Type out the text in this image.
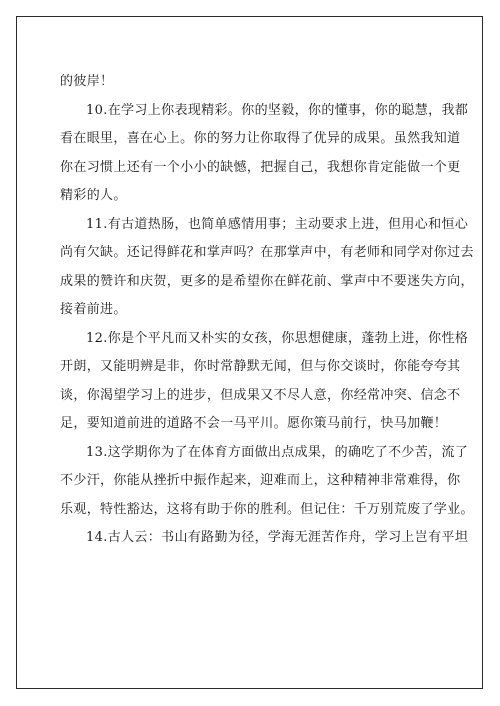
的彼岸！
10.在学习上你表现精彩。你的坚毅，你的懂事，你的聪慧，我都
看在眼里，喜在心上。你的努力让你取得了优异的成果。虽然我知道
你在习惯上还有一个小小的缺憾，把握自己，我想你肯定能做一个更
精彩的人。
11.有古道热肠，也简单感情用事；主动要求上进，但用心和恒心
尚有欠缺。还记得鲜花和掌声吗？在那掌声中，有老师和同学对你过去
成果的赞许和庆贺，更多的是希望你在鲜花前、掌声中不要迷失方向，
接着前进。
12.你是个平凡而又朴实的女孩，你思想健康，蓬勃上进，你性格
开朗，又能明辨是非，你时常静默无闻，但与你交谈时，你能夸夸其
谈，你渴望学习上的进步，但成果又不尽人意，你经常冲突、信念不
足，要知道前进的道路不会一马平川。愿你策马前行，快马加鞭！
13.这学期你为了在体育方面做出点成果，的确吃了不少苦，流了
不少汗，你能从挫折中振作起来，迎难而上，这种精神非常难得，你
乐观，特性豁达，这将有助于你的胜利。但记住：千万别荒废了学业。
14.古人云：书山有路勤为径，学海无涯苦作舟，学习上岂有平坦
